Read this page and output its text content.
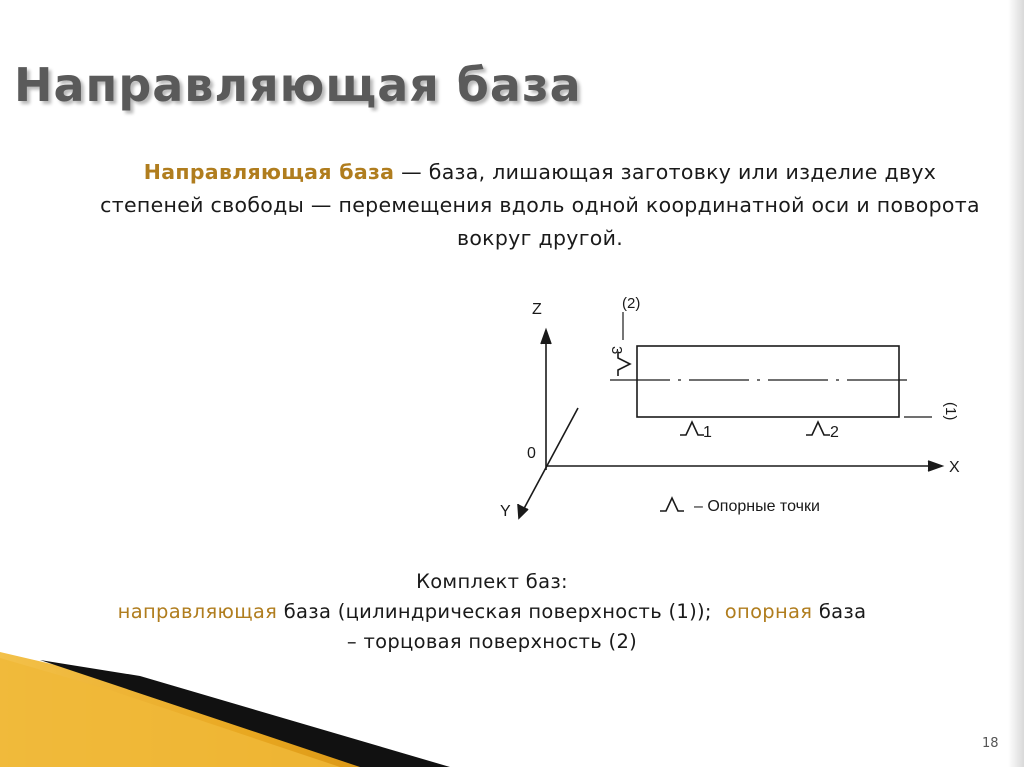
Направляющая база
Направляющая база — база, лишающая заготовку или изделие двух степеней свободы — перемещения вдоль одной координатной оси и поворота вокруг другой.
Z
X
Y
0
(2)
(1)
3
1	2
– Опорные точки
Комплект баз:
направляющая база (цилиндрическая поверхность (1));  опорная база
– торцовая поверхность (2)
18
